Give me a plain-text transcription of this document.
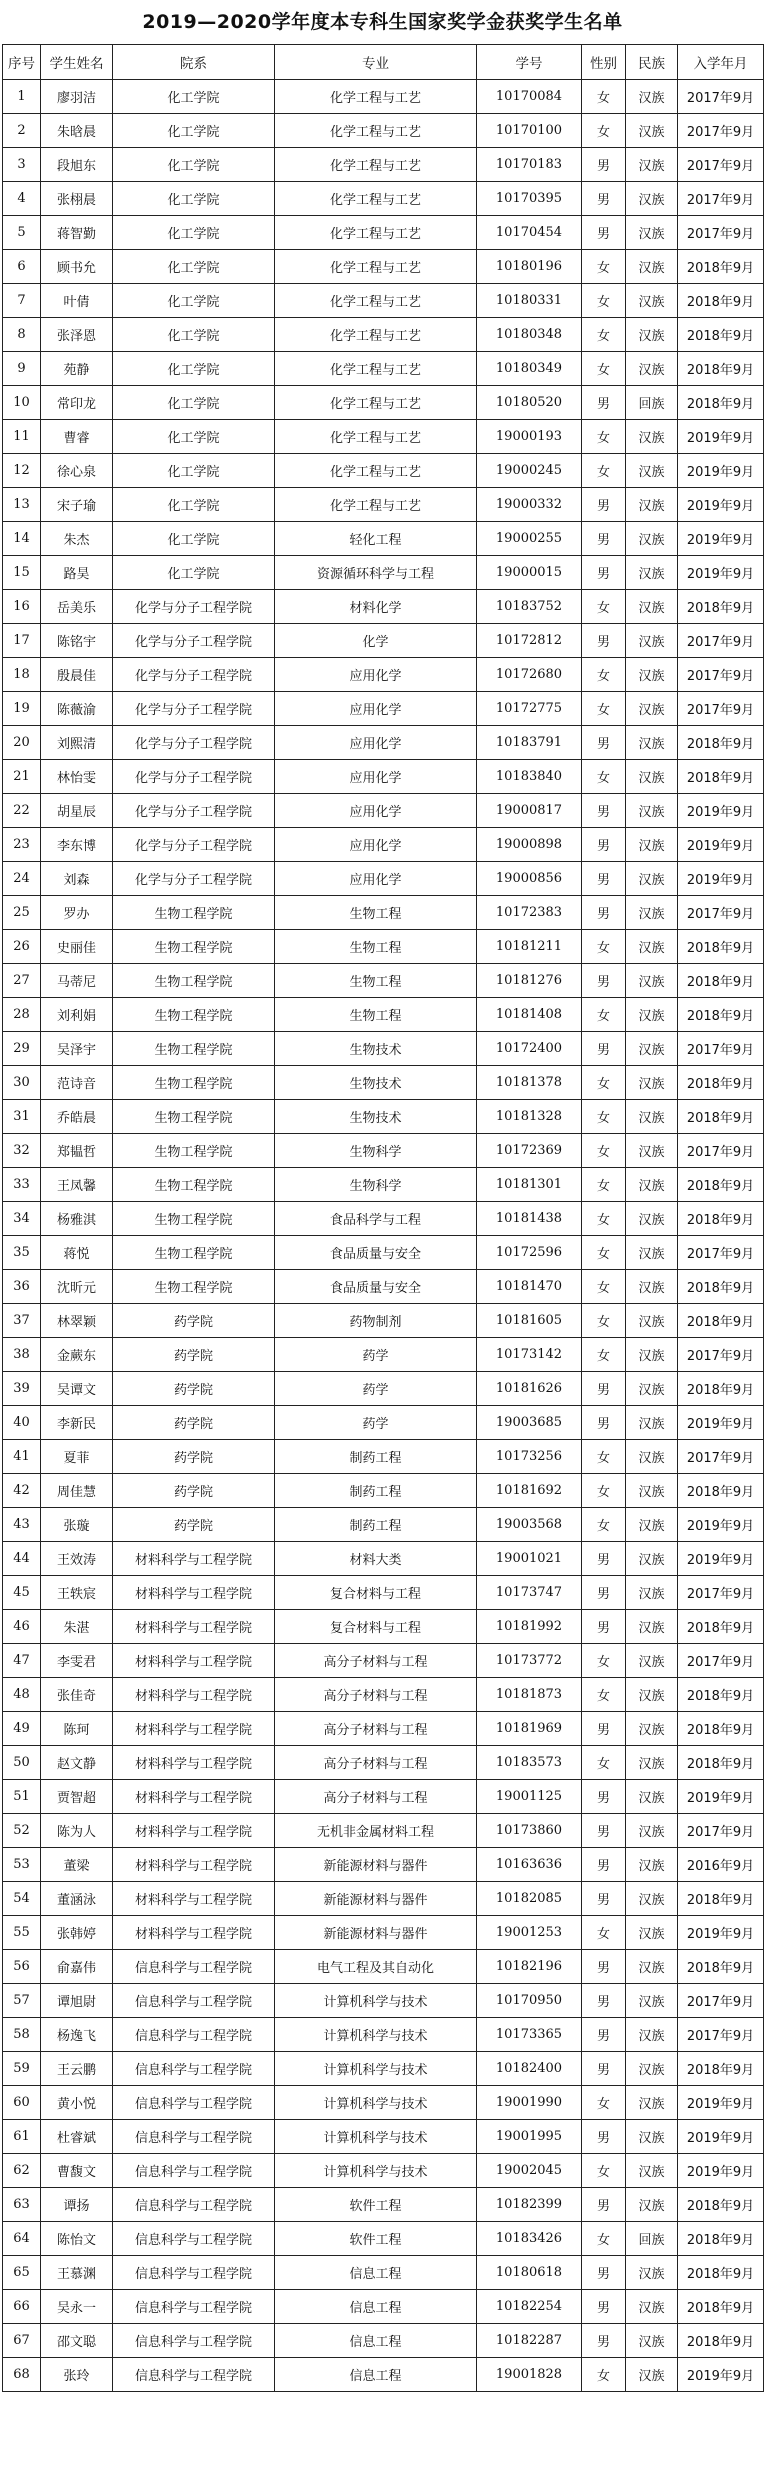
2019—2020学年度本专科生国家奖学金获奖学生名单
序号	学生姓名	院系	专业	学号	性别	民族	入学年月
1	廖羽洁	化工学院	化学工程与工艺	10170084	女	汉族	2017年9月
2	朱晗晨	化工学院	化学工程与工艺	10170100	女	汉族	2017年9月
3	段旭东	化工学院	化学工程与工艺	10170183	男	汉族	2017年9月
4	张栩晨	化工学院	化学工程与工艺	10170395	男	汉族	2017年9月
5	蒋智勤	化工学院	化学工程与工艺	10170454	男	汉族	2017年9月
6	顾书允	化工学院	化学工程与工艺	10180196	女	汉族	2018年9月
7	叶倩	化工学院	化学工程与工艺	10180331	女	汉族	2018年9月
8	张泽恩	化工学院	化学工程与工艺	10180348	女	汉族	2018年9月
9	苑静	化工学院	化学工程与工艺	10180349	女	汉族	2018年9月
10	常印龙	化工学院	化学工程与工艺	10180520	男	回族	2018年9月
11	曹睿	化工学院	化学工程与工艺	19000193	女	汉族	2019年9月
12	徐心泉	化工学院	化学工程与工艺	19000245	女	汉族	2019年9月
13	宋子瑜	化工学院	化学工程与工艺	19000332	男	汉族	2019年9月
14	朱杰	化工学院	轻化工程	19000255	男	汉族	2019年9月
15	路昊	化工学院	资源循环科学与工程	19000015	男	汉族	2019年9月
16	岳美乐	化学与分子工程学院	材料化学	10183752	女	汉族	2018年9月
17	陈铭宇	化学与分子工程学院	化学	10172812	男	汉族	2017年9月
18	殷晨佳	化学与分子工程学院	应用化学	10172680	女	汉族	2017年9月
19	陈薇渝	化学与分子工程学院	应用化学	10172775	女	汉族	2017年9月
20	刘熙清	化学与分子工程学院	应用化学	10183791	男	汉族	2018年9月
21	林怡雯	化学与分子工程学院	应用化学	10183840	女	汉族	2018年9月
22	胡星辰	化学与分子工程学院	应用化学	19000817	男	汉族	2019年9月
23	李东博	化学与分子工程学院	应用化学	19000898	男	汉族	2019年9月
24	刘森	化学与分子工程学院	应用化学	19000856	男	汉族	2019年9月
25	罗办	生物工程学院	生物工程	10172383	男	汉族	2017年9月
26	史丽佳	生物工程学院	生物工程	10181211	女	汉族	2018年9月
27	马蒂尼	生物工程学院	生物工程	10181276	男	汉族	2018年9月
28	刘利娟	生物工程学院	生物工程	10181408	女	汉族	2018年9月
29	吴泽宇	生物工程学院	生物技术	10172400	男	汉族	2017年9月
30	范诗音	生物工程学院	生物技术	10181378	女	汉族	2018年9月
31	乔皓晨	生物工程学院	生物技术	10181328	女	汉族	2018年9月
32	郑韫哲	生物工程学院	生物科学	10172369	女	汉族	2017年9月
33	王凤馨	生物工程学院	生物科学	10181301	女	汉族	2018年9月
34	杨雅淇	生物工程学院	食品科学与工程	10181438	女	汉族	2018年9月
35	蒋悦	生物工程学院	食品质量与安全	10172596	女	汉族	2017年9月
36	沈昕元	生物工程学院	食品质量与安全	10181470	女	汉族	2018年9月
37	林翠颖	药学院	药物制剂	10181605	女	汉族	2018年9月
38	金蕨东	药学院	药学	10173142	女	汉族	2017年9月
39	吴谭文	药学院	药学	10181626	男	汉族	2018年9月
40	李新民	药学院	药学	19003685	男	汉族	2019年9月
41	夏菲	药学院	制药工程	10173256	女	汉族	2017年9月
42	周佳慧	药学院	制药工程	10181692	女	汉族	2018年9月
43	张璇	药学院	制药工程	19003568	女	汉族	2019年9月
44	王效涛	材料科学与工程学院	材料大类	19001021	男	汉族	2019年9月
45	王轶宸	材料科学与工程学院	复合材料与工程	10173747	男	汉族	2017年9月
46	朱湛	材料科学与工程学院	复合材料与工程	10181992	男	汉族	2018年9月
47	李雯君	材料科学与工程学院	高分子材料与工程	10173772	女	汉族	2017年9月
48	张佳奇	材料科学与工程学院	高分子材料与工程	10181873	女	汉族	2018年9月
49	陈珂	材料科学与工程学院	高分子材料与工程	10181969	男	汉族	2018年9月
50	赵文静	材料科学与工程学院	高分子材料与工程	10183573	女	汉族	2018年9月
51	贾智超	材料科学与工程学院	高分子材料与工程	19001125	男	汉族	2019年9月
52	陈为人	材料科学与工程学院	无机非金属材料工程	10173860	男	汉族	2017年9月
53	董梁	材料科学与工程学院	新能源材料与器件	10163636	男	汉族	2016年9月
54	董涵泳	材料科学与工程学院	新能源材料与器件	10182085	男	汉族	2018年9月
55	张韩婷	材料科学与工程学院	新能源材料与器件	19001253	女	汉族	2019年9月
56	俞嘉伟	信息科学与工程学院	电气工程及其自动化	10182196	男	汉族	2018年9月
57	谭旭尉	信息科学与工程学院	计算机科学与技术	10170950	男	汉族	2017年9月
58	杨逸飞	信息科学与工程学院	计算机科学与技术	10173365	男	汉族	2017年9月
59	王云鹏	信息科学与工程学院	计算机科学与技术	10182400	男	汉族	2018年9月
60	黄小悦	信息科学与工程学院	计算机科学与技术	19001990	女	汉族	2019年9月
61	杜睿斌	信息科学与工程学院	计算机科学与技术	19001995	男	汉族	2019年9月
62	曹馥文	信息科学与工程学院	计算机科学与技术	19002045	女	汉族	2019年9月
63	谭扬	信息科学与工程学院	软件工程	10182399	男	汉族	2018年9月
64	陈怡文	信息科学与工程学院	软件工程	10183426	女	回族	2018年9月
65	王慕渊	信息科学与工程学院	信息工程	10180618	男	汉族	2018年9月
66	吴永一	信息科学与工程学院	信息工程	10182254	男	汉族	2018年9月
67	邵文聪	信息科学与工程学院	信息工程	10182287	男	汉族	2018年9月
68	张玲	信息科学与工程学院	信息工程	19001828	女	汉族	2019年9月
